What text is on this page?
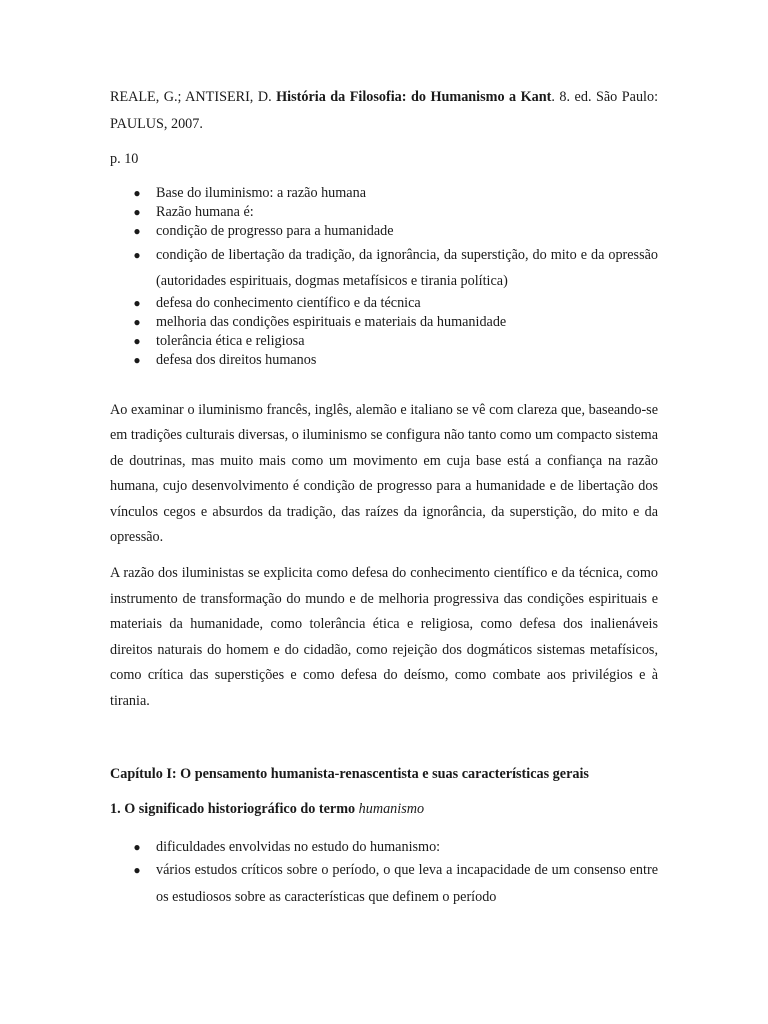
REALE, G.; ANTISERI, D. História da Filosofia: do Humanismo a Kant. 8. ed. São Paulo: PAULUS, 2007.
p. 10
● Base do iluminismo: a razão humana
● Razão humana é:
● condição de progresso para a humanidade
● condição de libertação da tradição, da ignorância, da superstição, do mito e da opressão (autoridades espirituais, dogmas metafísicos e tirania política)
● defesa do conhecimento científico e da técnica
● melhoria das condições espirituais e materiais da humanidade
● tolerância ética e religiosa
● defesa dos direitos humanos

Ao examinar o iluminismo francês, inglês, alemão e italiano se vê com clareza que, baseando-se em tradições culturais diversas, o iluminismo se configura não tanto como um compacto sistema de doutrinas, mas muito mais como um movimento em cuja base está a confiança na razão humana, cujo desenvolvimento é condição de progresso para a humanidade e de libertação dos vínculos cegos e absurdos da tradição, das raízes da ignorância, da superstição, do mito e da opressão.

A razão dos iluministas se explicita como defesa do conhecimento científico e da técnica, como instrumento de transformação do mundo e de melhoria progressiva das condições espirituais e materiais da humanidade, como tolerância ética e religiosa, como defesa dos inalienáveis direitos naturais do homem e do cidadão, como rejeição dos dogmáticos sistemas metafísicos, como crítica das superstições e como defesa do deísmo, como combate aos privilégios e à tirania.

Capítulo I: O pensamento humanista-renascentista e suas características gerais
1. O significado historiográfico do termo humanismo
● dificuldades envolvidas no estudo do humanismo:
● vários estudos críticos sobre o período, o que leva a incapacidade de um consenso entre os estudiosos sobre as características que definem o período
